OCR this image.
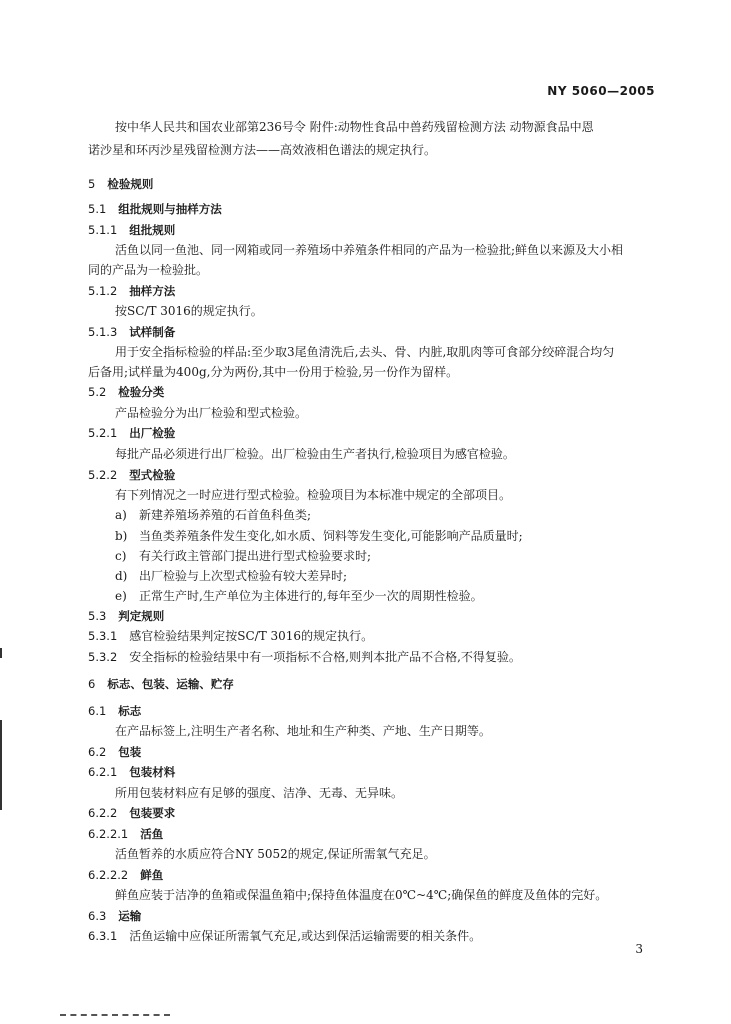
NY 5060—2005
按中华人民共和国农业部第236号令 附件:动物性食品中兽药残留检测方法 动物源食品中恩
诺沙星和环丙沙星残留检测方法——高效液相色谱法的规定执行。
5 检验规则
5.1 组批规则与抽样方法
5.1.1 组批规则
活鱼以同一鱼池、同一网箱或同一养殖场中养殖条件相同的产品为一检验批;鲜鱼以来源及大小相
同的产品为一检验批。
5.1.2 抽样方法
按SC/T 3016的规定执行。
5.1.3 试样制备
用于安全指标检验的样品:至少取3尾鱼清洗后,去头、骨、内脏,取肌肉等可食部分绞碎混合均匀
后备用;试样量为400g,分为两份,其中一份用于检验,另一份作为留样。
5.2 检验分类
产品检验分为出厂检验和型式检验。
5.2.1 出厂检验
每批产品必须进行出厂检验。出厂检验由生产者执行,检验项目为感官检验。
5.2.2 型式检验
有下列情况之一时应进行型式检验。检验项目为本标准中规定的全部项目。
a) 新建养殖场养殖的石首鱼科鱼类;
b) 当鱼类养殖条件发生变化,如水质、饲料等发生变化,可能影响产品质量时;
c) 有关行政主管部门提出进行型式检验要求时;
d) 出厂检验与上次型式检验有较大差异时;
e) 正常生产时,生产单位为主体进行的,每年至少一次的周期性检验。
5.3 判定规则
5.3.1 感官检验结果判定按SC/T 3016的规定执行。
5.3.2 安全指标的检验结果中有一项指标不合格,则判本批产品不合格,不得复验。
6 标志、包装、运输、贮存
6.1 标志
在产品标签上,注明生产者名称、地址和生产种类、产地、生产日期等。
6.2 包装
6.2.1 包装材料
所用包装材料应有足够的强度、洁净、无毒、无异味。
6.2.2 包装要求
6.2.2.1 活鱼
活鱼暂养的水质应符合NY 5052的规定,保证所需氧气充足。
6.2.2.2 鲜鱼
鲜鱼应装于洁净的鱼箱或保温鱼箱中;保持鱼体温度在0℃~4℃;确保鱼的鲜度及鱼体的完好。
6.3 运输
6.3.1 活鱼运输中应保证所需氧气充足,或达到保活运输需要的相关条件。
3
